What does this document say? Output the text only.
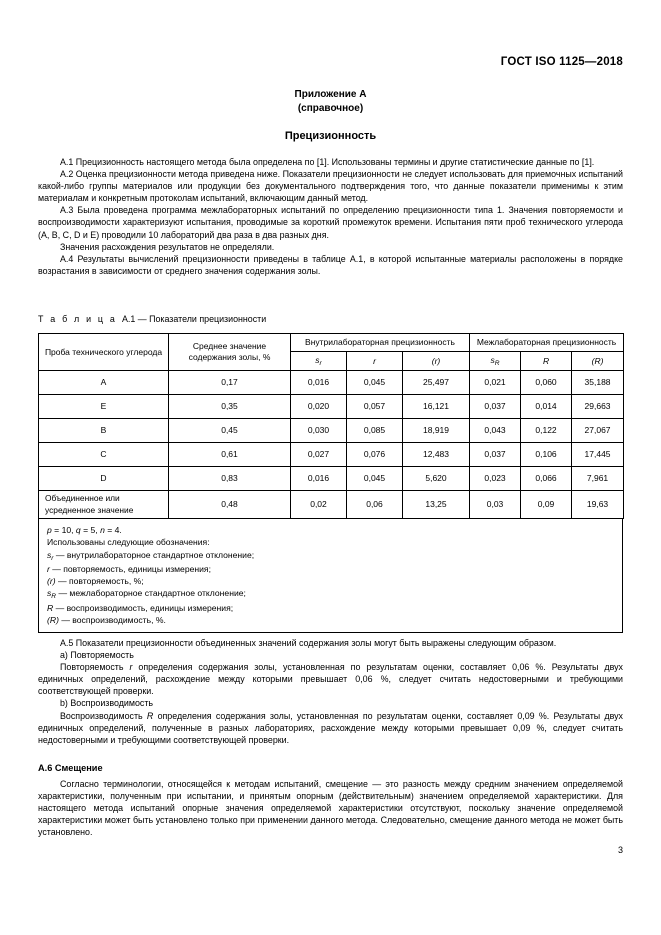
ГОСТ ISO 1125—2018
Приложение А
(справочное)
Прецизионность

А.1 Прецизионность настоящего метода была определена по [1]. Использованы термины и другие статистические данные по [1].

А.2 Оценка прецизионности метода приведена ниже. Показатели прецизионности не следует использовать для приемочных испытаний какой-либо группы материалов или продукции без документального подтверждения того, что данные показатели применимы к этим материалам и конкретным протоколам испытаний, включающим данный метод.

А.3 Была проведена программа межлабораторных испытаний по определению прецизионности типа 1. Значения повторяемости и воспроизводимости характеризуют испытания, проводимые за короткий промежуток времени. Испытания пяти проб технического углерода (A, B, C, D и E) проводили 10 лабораторий два раза в два разных дня.

Значения расхождения результатов не определяли.

А.4 Результаты вычислений прецизионности приведены в таблице А.1, в которой испытанные материалы расположены в порядке возрастания в зависимости от среднего значения содержания золы.

Т а б л и ц а А.1 — Показатели прецизионности
Проба технического углерода	Среднее значение содержания золы, %	Внутрилабораторная прецизионность			Межлабораторная прецизионность		
		$s_r$	r	(r)	$s_R$	R	(R)
A	0,17	0,016	0,045	25,497	0,021	0,060	35,188
E	0,35	0,020	0,057	16,121	0,037	0,014	29,663
B	0,45	0,030	0,085	18,919	0,043	0,122	27,067
C	0,61	0,027	0,076	12,483	0,037	0,106	17,445
D	0,83	0,016	0,045	5,620	0,023	0,066	7,961
Объединенное или усредненное значение	0,48	0,02	0,06	13,25	0,03	0,09	19,63
p = 10, q = 5, n = 4.
Использованы следующие обозначения:
$s_r$ — внутрилабораторное стандартное отклонение;
r — повторяемость, единицы измерения;
(r) — повторяемость, %;
$s_R$ — межлабораторное стандартное отклонение;
R — воспроизводимость, единицы измерения;
(R) — воспроизводимость, %.

А.5 Показатели прецизионности объединенных значений содержания золы могут быть выражены следующим образом.

а) Повторяемость

Повторяемость r определения содержания золы, установленная по результатам оценки, составляет 0,06 %. Результаты двух единичных определений, расхождение между которыми превышает 0,06 %, следует считать недостоверными и требующими соответствующей проверки.

b) Воспроизводимость

Воспроизводимость R определения содержания золы, установленная по результатам оценки, составляет 0,09 %. Результаты двух единичных определений, полученные в разных лабораториях, расхождение между которыми превышает 0,09 %, следует считать недостоверными и требующими соответствующей проверки.

А.6 Смещение

Согласно терминологии, относящейся к методам испытаний, смещение — это разность между средним значением определяемой характеристики, полученным при испытании, и принятым опорным (действительным) значением определяемой характеристики. Для настоящего метода испытаний опорные значения определяемой характеристики отсутствуют, поскольку значение определяемой характеристики может быть установлено только при применении данного метода. Следовательно, смещение данного метода не может быть установлено.

3
